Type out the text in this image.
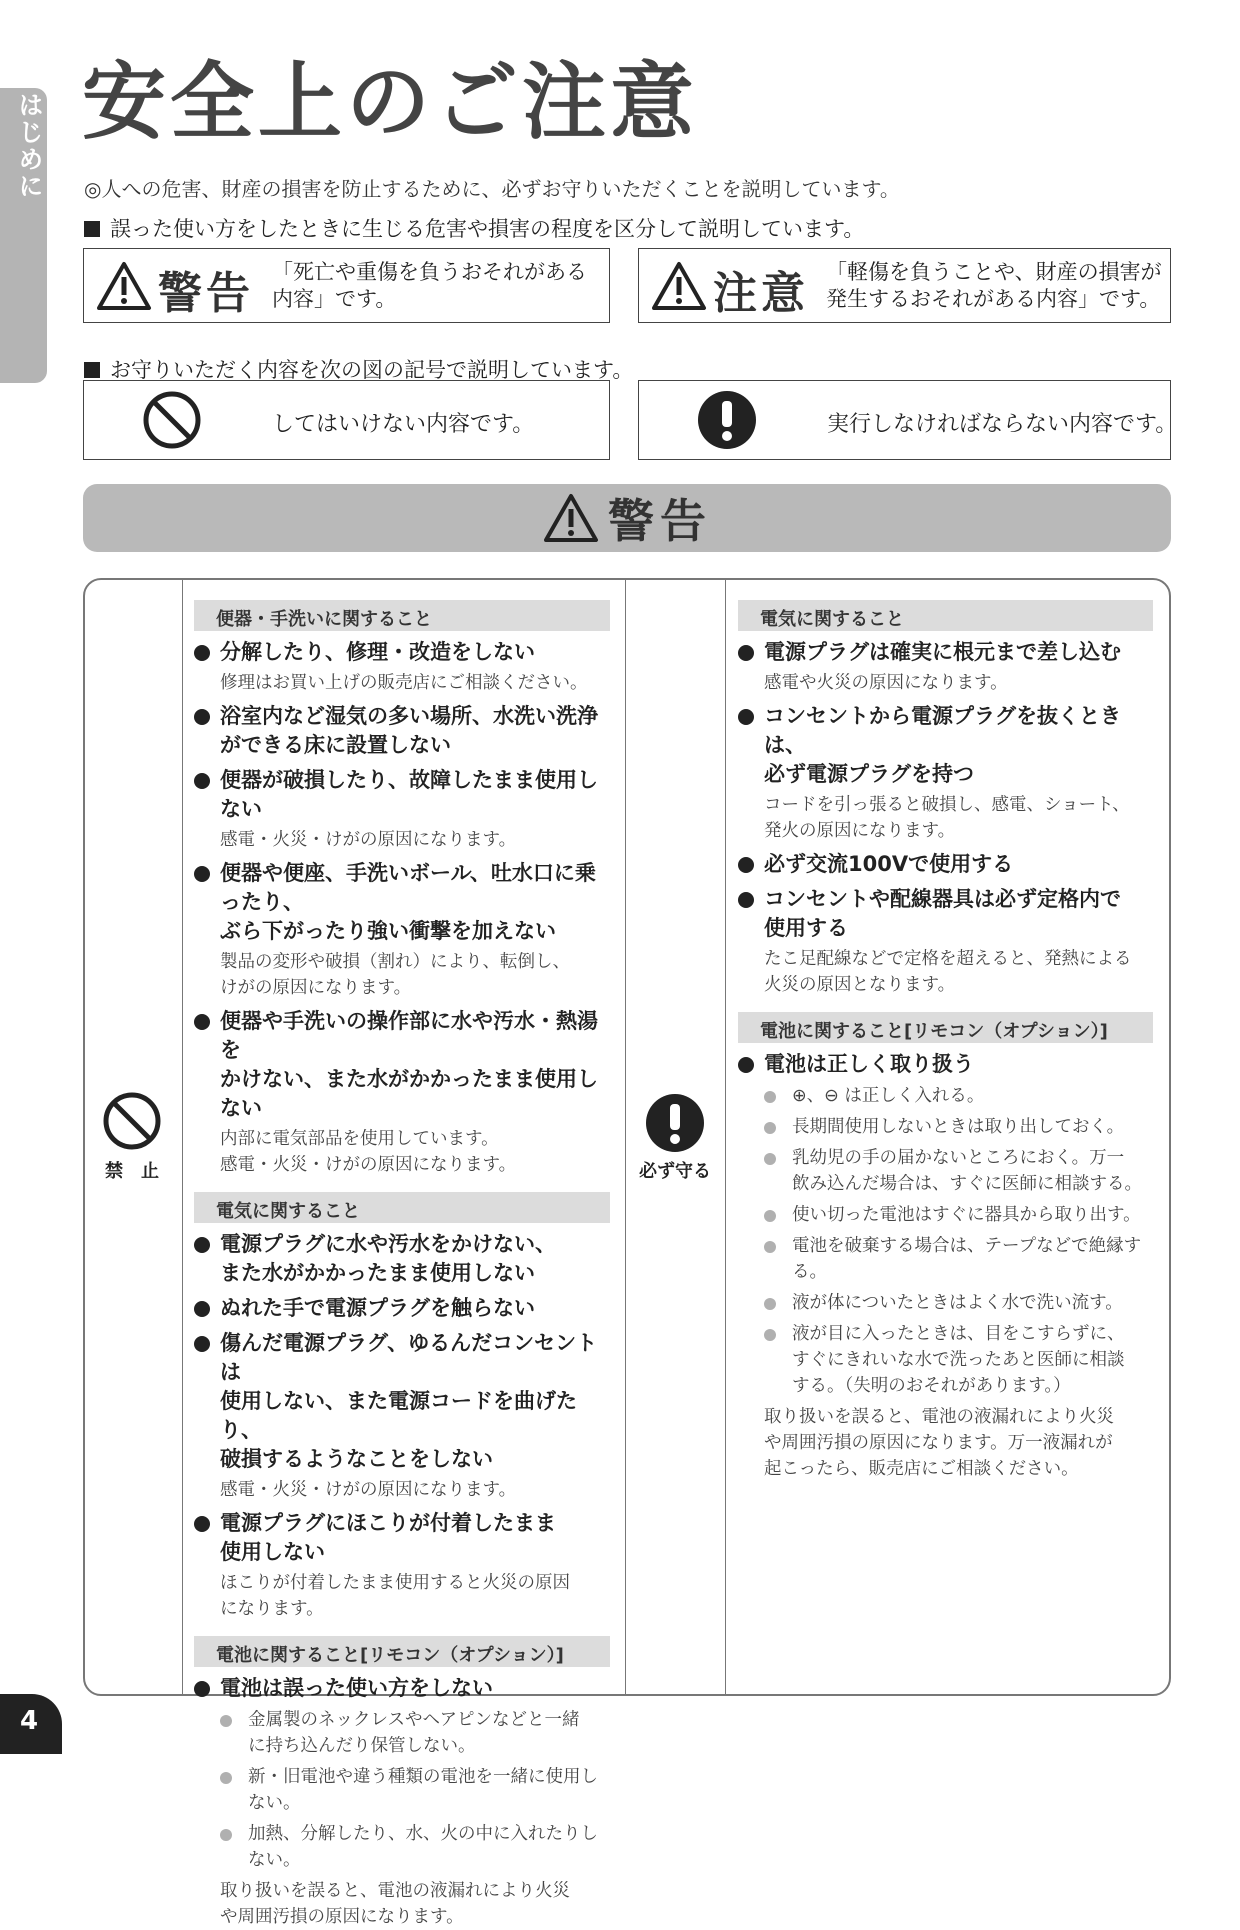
はじめに 安全上のご注意
◎人への危害、財産の損害を防止するために、必ずお守りいただくことを説明しています。
誤った使い方をしたときに生じる危害や損害の程度を区分して説明しています。
警告 「死亡や重傷を負うおそれがある
内容」です。	注意 「軽傷を負うことや、財産の損害が
発生するおそれがある内容」です。
お守りいただく内容を次の図の記号で説明しています。
してはいけない内容です。	実行しなければならない内容です。
警告
禁　止	必ず守る
便器・手洗いに関すること
分解したり、修理・改造をしない
修理はお買い上げの販売店にご相談ください。
浴室内など湿気の多い場所、水洗い洗浄
ができる床に設置しない
便器が破損したり、故障したまま使用しない
感電・火災・けがの原因になります。
便器や便座、手洗いボール、吐水口に乗ったり、
ぶら下がったり強い衝撃を加えない
製品の変形や破損（割れ）により、転倒し、
けがの原因になります。
便器や手洗いの操作部に水や汚水・熱湯を
かけない、また水がかかったまま使用しない
内部に電気部品を使用しています。
感電・火災・けがの原因になります。
電気に関すること
電源プラグに水や汚水をかけない、
また水がかかったまま使用しない
ぬれた手で電源プラグを触らない
傷んだ電源プラグ、ゆるんだコンセントは
使用しない、また電源コードを曲げたり、
破損するようなことをしない
感電・火災・けがの原因になります。
電源プラグにほこりが付着したまま
使用しない
ほこりが付着したまま使用すると火災の原因
になります。
電池に関すること[リモコン（オプション）]
電池は誤った使い方をしない
金属製のネックレスやヘアピンなどと一緒
に持ち込んだり保管しない。
新・旧電池や違う種類の電池を一緒に使用しない。
加熱、分解したり、水、火の中に入れたりしない。
取り扱いを誤ると、電池の液漏れにより火災
や周囲汚損の原因になります。
電気に関すること
電源プラグは確実に根元まで差し込む
感電や火災の原因になります。
コンセントから電源プラグを抜くときは、
必ず電源プラグを持つ
コードを引っ張ると破損し、感電、ショート、
発火の原因になります。
必ず交流100Vで使用する
コンセントや配線器具は必ず定格内で
使用する
たこ足配線などで定格を超えると、発熱による
火災の原因となります。
電池に関すること[リモコン（オプション）]
電池は正しく取り扱う
⊕、⊖ は正しく入れる。
長期間使用しないときは取り出しておく。
乳幼児の手の届かないところにおく。万一
飲み込んだ場合は、すぐに医師に相談する。
使い切った電池はすぐに器具から取り出す。
電池を破棄する場合は、テープなどで絶縁する。
液が体についたときはよく水で洗い流す。
液が目に入ったときは、目をこすらずに、
すぐにきれいな水で洗ったあと医師に相談
する。（失明のおそれがあります。）
取り扱いを誤ると、電池の液漏れにより火災
や周囲汚損の原因になります。万一液漏れが
起こったら、販売店にご相談ください。
4
